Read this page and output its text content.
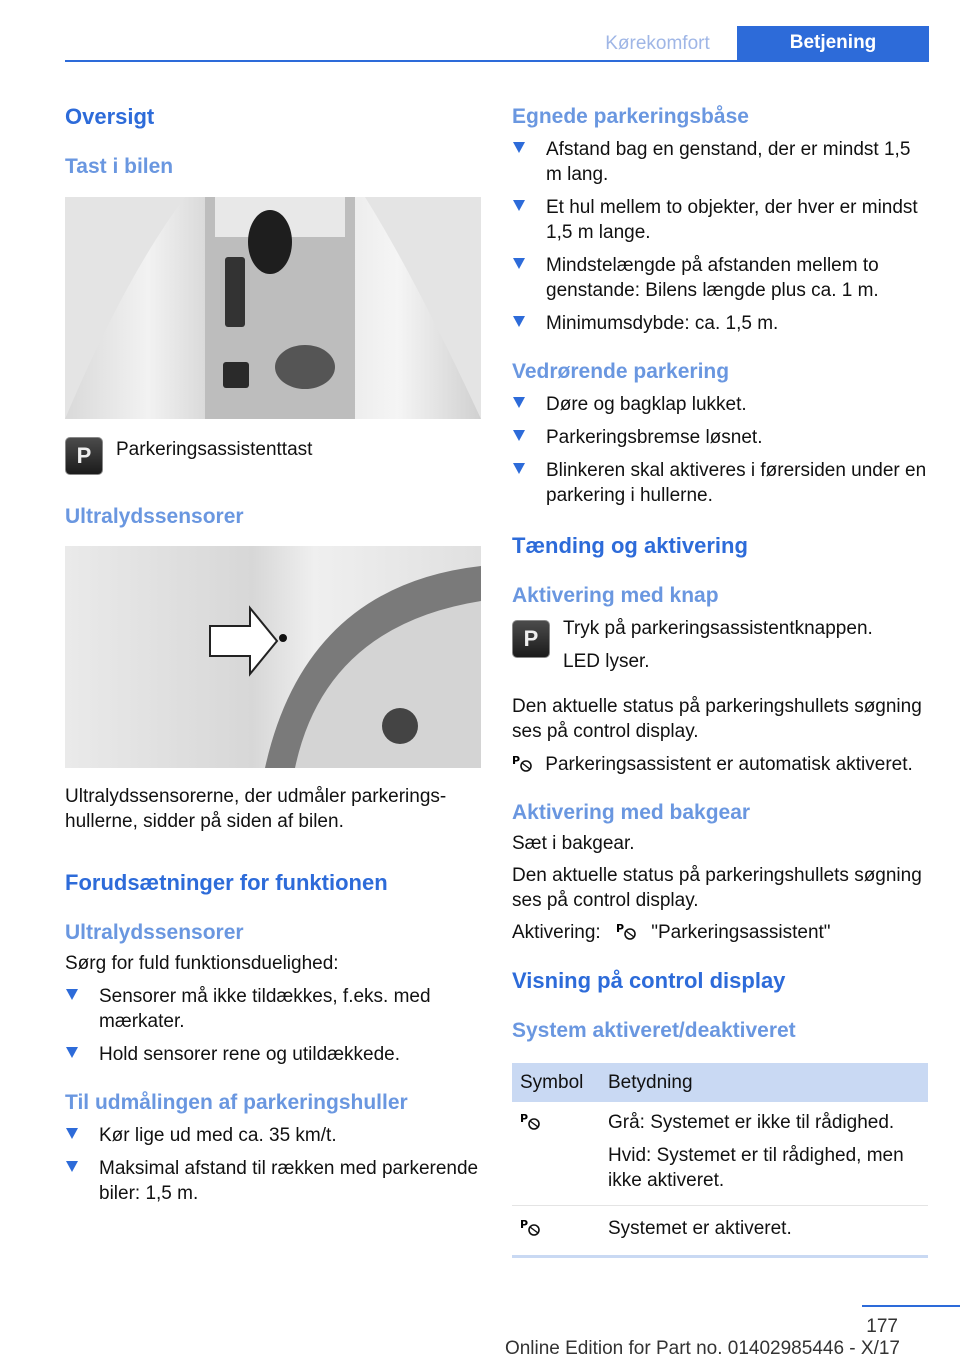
Kørekomfort	Betjening
Oversigt
Tast i bilen
P Parkeringsassistenttast

Ultralydssensorer

Ultralydssensorerne, der udmåler parkeringshullerne, sidder på siden af bilen.

Forudsætninger for funktionen
Ultralydssensorer

Sørg for fuld funktionsduelighed:

Sensorer må ikke tildækkes, f.eks. med mærkater.
Hold sensorer rene og utildækkede.
Til udmålingen af parkeringshuller
Kør lige ud med ca. 35 km/t.
Maksimal afstand til rækken med parkerende biler: 1,5 m.
Egnede parkeringsbåse
Afstand bag en genstand, der er mindst 1,5 m lang.
Et hul mellem to objekter, der hver er mindst 1,5 m lange.
Mindstelængde på afstanden mellem to genstande: Bilens længde plus ca. 1 m.
Minimumsdybde: ca. 1,5 m.
Vedrørende parkering
Døre og bagklap lukket.
Parkeringsbremse løsnet.
Blinkeren skal aktiveres i førersiden under en parkering i hullerne.
Tænding og aktivering
Aktivering med knap
P Tryk på parkeringsassistentknappen.

LED lyser.

Den aktuelle status på parkeringshullets søgning ses på control display.

P Parkeringsassistent er automatisk aktiveret.

Aktivering med bakgear

Sæt i bakgear.

Den aktuelle status på parkeringshullets søgning ses på control display.

Aktivering: P "Parkeringsassistent"

Visning på control display
System aktiveret/deaktiveret
Symbol	Betydning

P	Grå: Systemet er ikke til rådighed.
Hvid: Systemet er til rådighed, men ikke aktiveret.

P	Systemet er aktiveret.
177
Online Edition for Part no. 01402985446 - X/17
